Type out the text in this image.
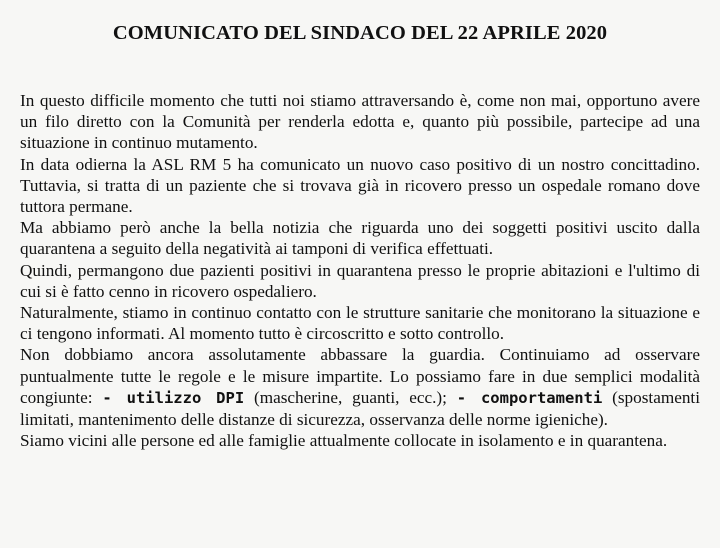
COMUNICATO DEL SINDACO DEL 22 APRILE 2020

In questo difficile momento che tutti noi stiamo attraversando è, come non mai, opportuno avere un filo diretto con la Comunità per renderla edotta e, quanto più possibile, partecipe ad una situazione in continuo mutamento.

In data odierna la ASL RM 5 ha comunicato un nuovo caso positivo di un nostro concittadino. Tuttavia, si tratta di un paziente che si trovava già in ricovero presso un ospedale romano dove tuttora permane.

Ma abbiamo però anche la bella notizia che riguarda uno dei soggetti positivi uscito dalla quarantena a seguito della negatività ai tamponi di verifica effettuati.

Quindi, permangono due pazienti positivi in quarantena presso le proprie abitazioni e l'ultimo di cui si è fatto cenno in ricovero ospedaliero.

Naturalmente, stiamo in continuo contatto con le strutture sanitarie che monitorano la situazione e ci tengono informati. Al momento tutto è circoscritto e sotto controllo.

Non dobbiamo ancora assolutamente abbassare la guardia. Continuiamo ad osservare puntualmente tutte le regole e le misure impartite. Lo possiamo fare in due semplici modalità congiunte: - utilizzo DPI (mascherine, guanti, ecc.); - comportamenti (spostamenti limitati, mantenimento delle distanze di sicurezza, osservanza delle norme igieniche).

Siamo vicini alle persone ed alle famiglie attualmente collocate in isolamento e in quarantena.
